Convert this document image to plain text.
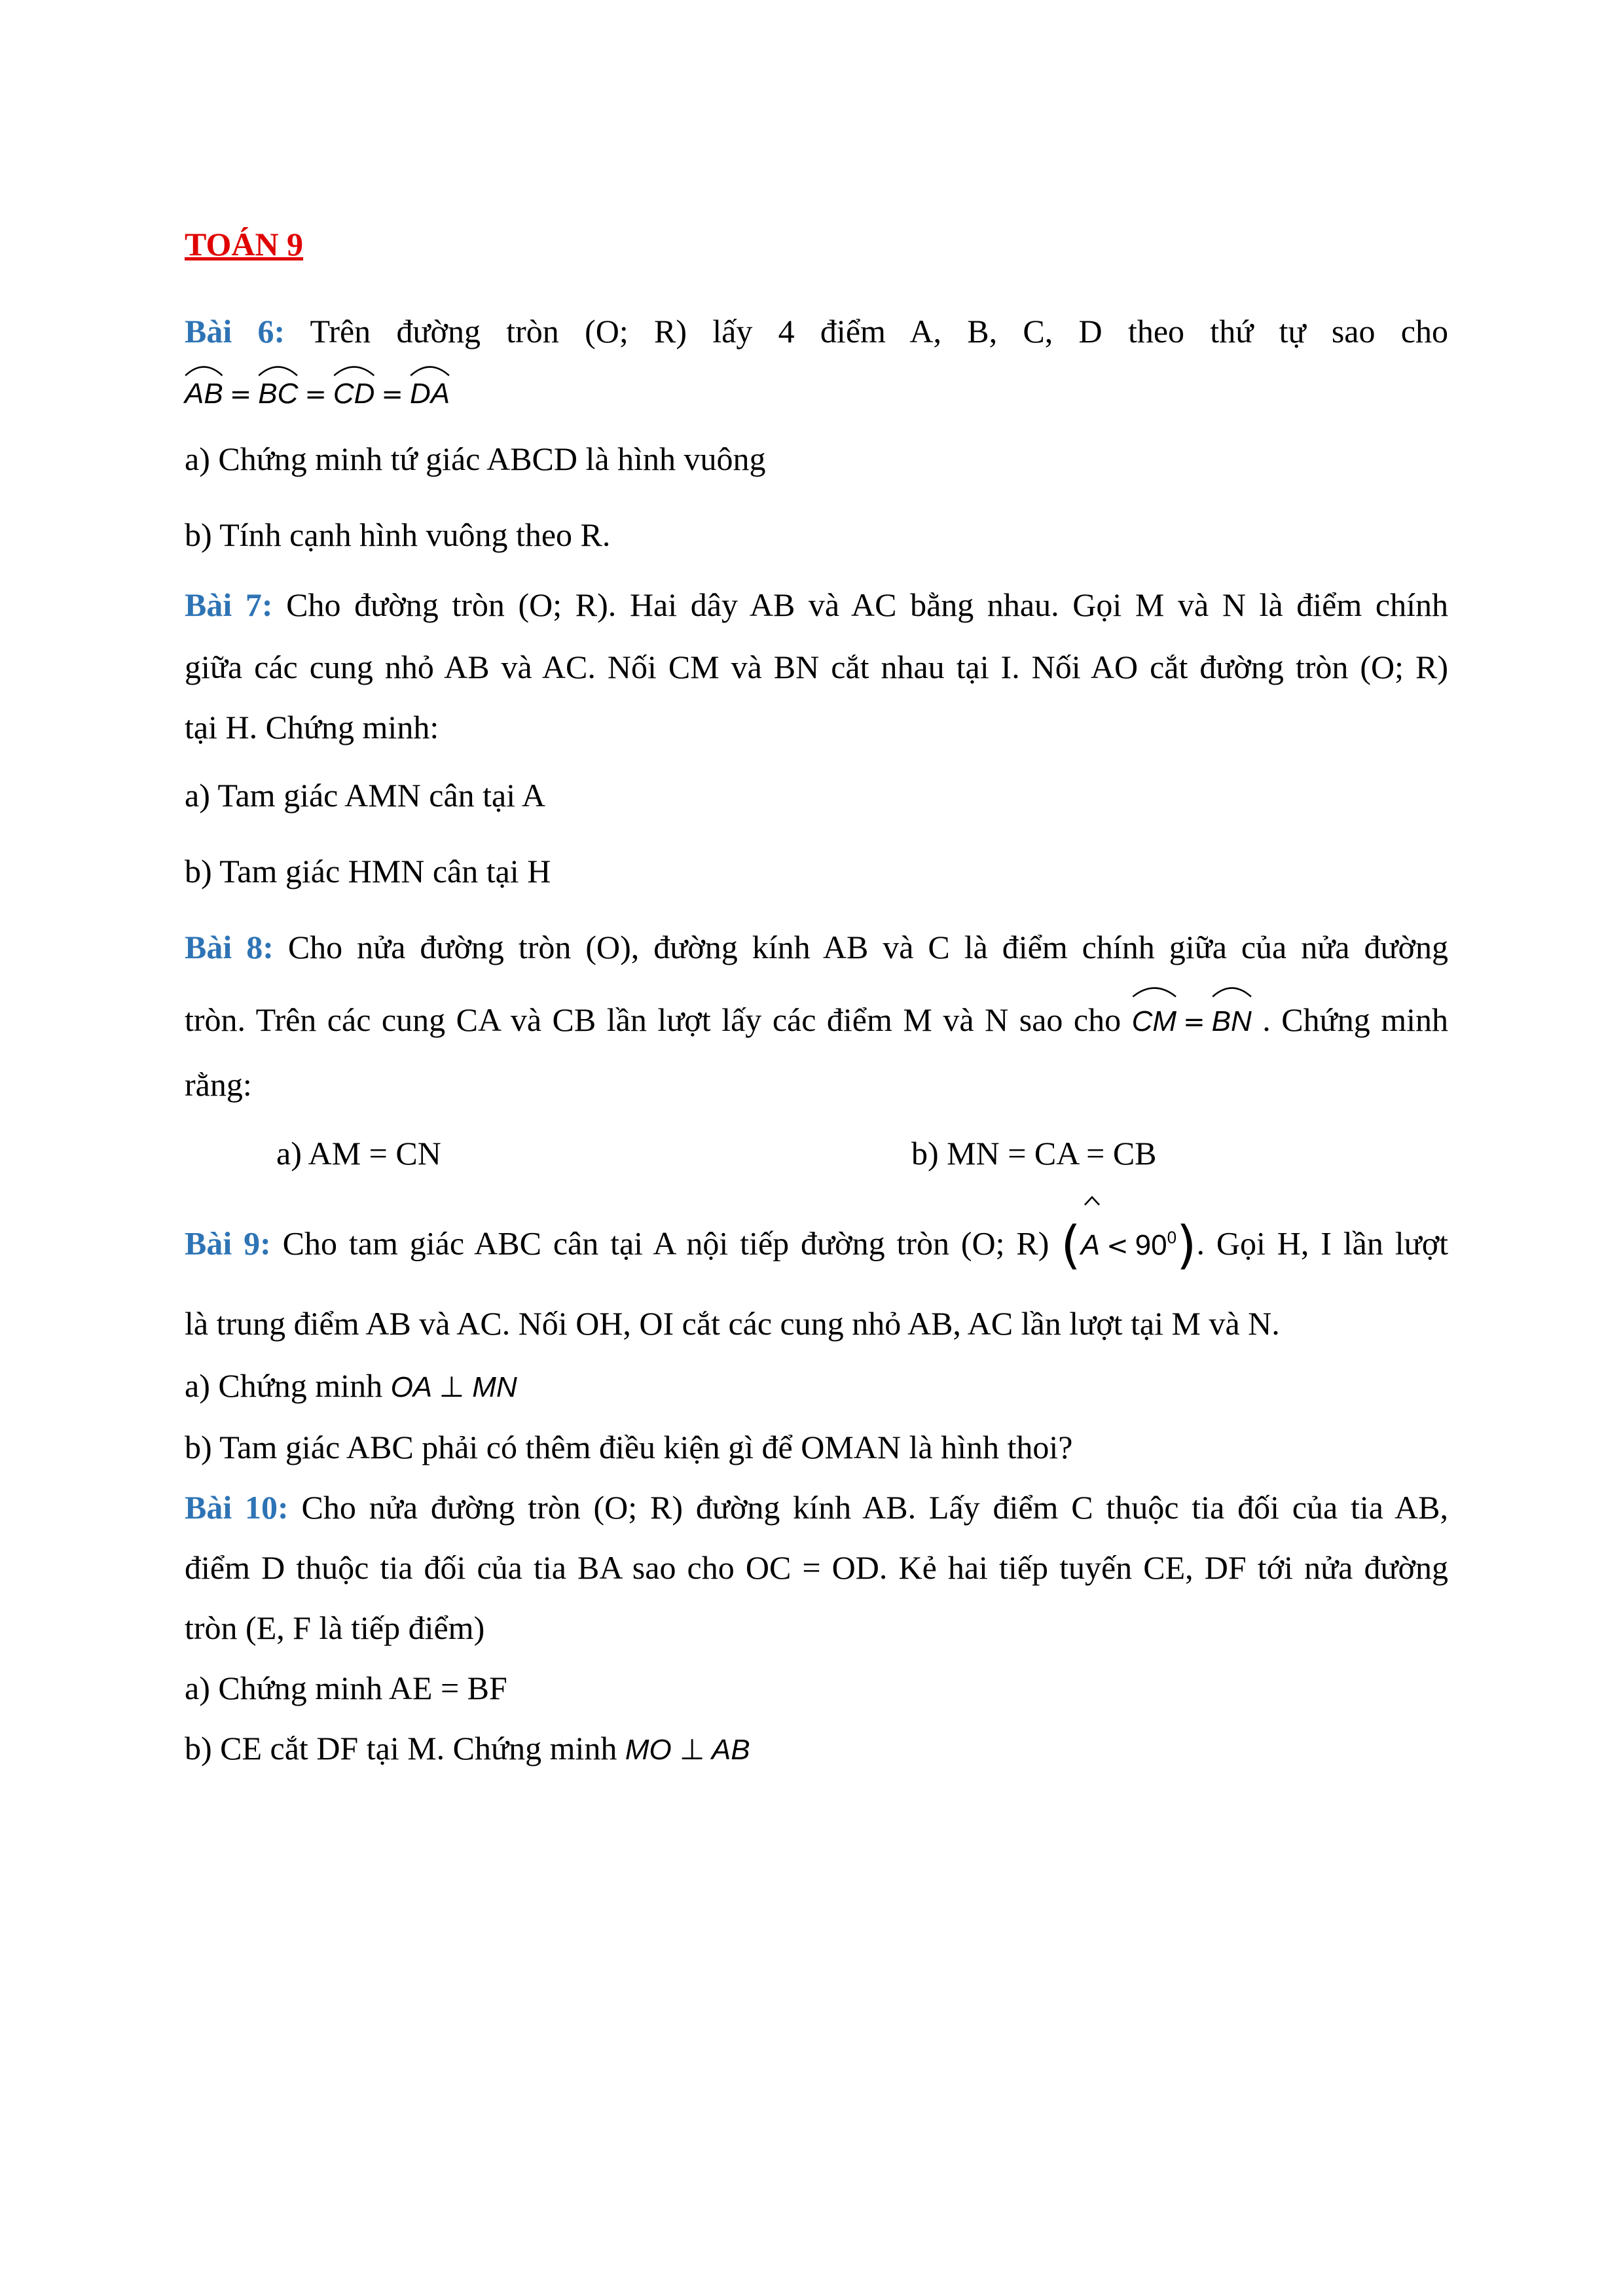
TOÁN 9

Bài 6: Trên đường tròn (O; R) lấy 4 điểm A, B, C, D theo thứ tự sao cho

AB = BC = CD = DA

a) Chứng minh tứ giác ABCD là hình vuông

b) Tính cạnh hình vuông theo R.

Bài 7: Cho đường tròn (O; R). Hai dây AB và AC bằng nhau. Gọi M và N là điểm chính

giữa các cung nhỏ AB và AC. Nối CM và BN cắt nhau tại I. Nối AO cắt đường tròn (O; R)

tại H. Chứng minh:

a) Tam giác AMN cân tại A

b) Tam giác HMN cân tại H

Bài 8: Cho nửa đường tròn (O), đường kính AB và C là điểm chính giữa của nửa đường

tròn. Trên các cung CA và CB lần lượt lấy các điểm M và N sao cho CM = BN . Chứng minh

rằng:

a) AM = CN	b) MN = CA = CB

Bài 9: Cho tam giác ABC cân tại A nội tiếp đường tròn (O; R) (
$A < 90^0$). Gọi H, I lần lượt

là trung điểm AB và AC. Nối OH, OI cắt các cung nhỏ AB, AC lần lượt tại M và N.

a) Chứng minh OA ⊥ MN

b) Tam giác ABC phải có thêm điều kiện gì để OMAN là hình thoi?

Bài 10: Cho nửa đường tròn (O; R) đường kính AB. Lấy điểm C thuộc tia đối của tia AB,

điểm D thuộc tia đối của tia BA sao cho OC = OD. Kẻ hai tiếp tuyến CE, DF tới nửa đường

tròn (E, F là tiếp điểm)

a) Chứng minh AE = BF

b) CE cắt DF tại M. Chứng minh MO ⊥ AB
